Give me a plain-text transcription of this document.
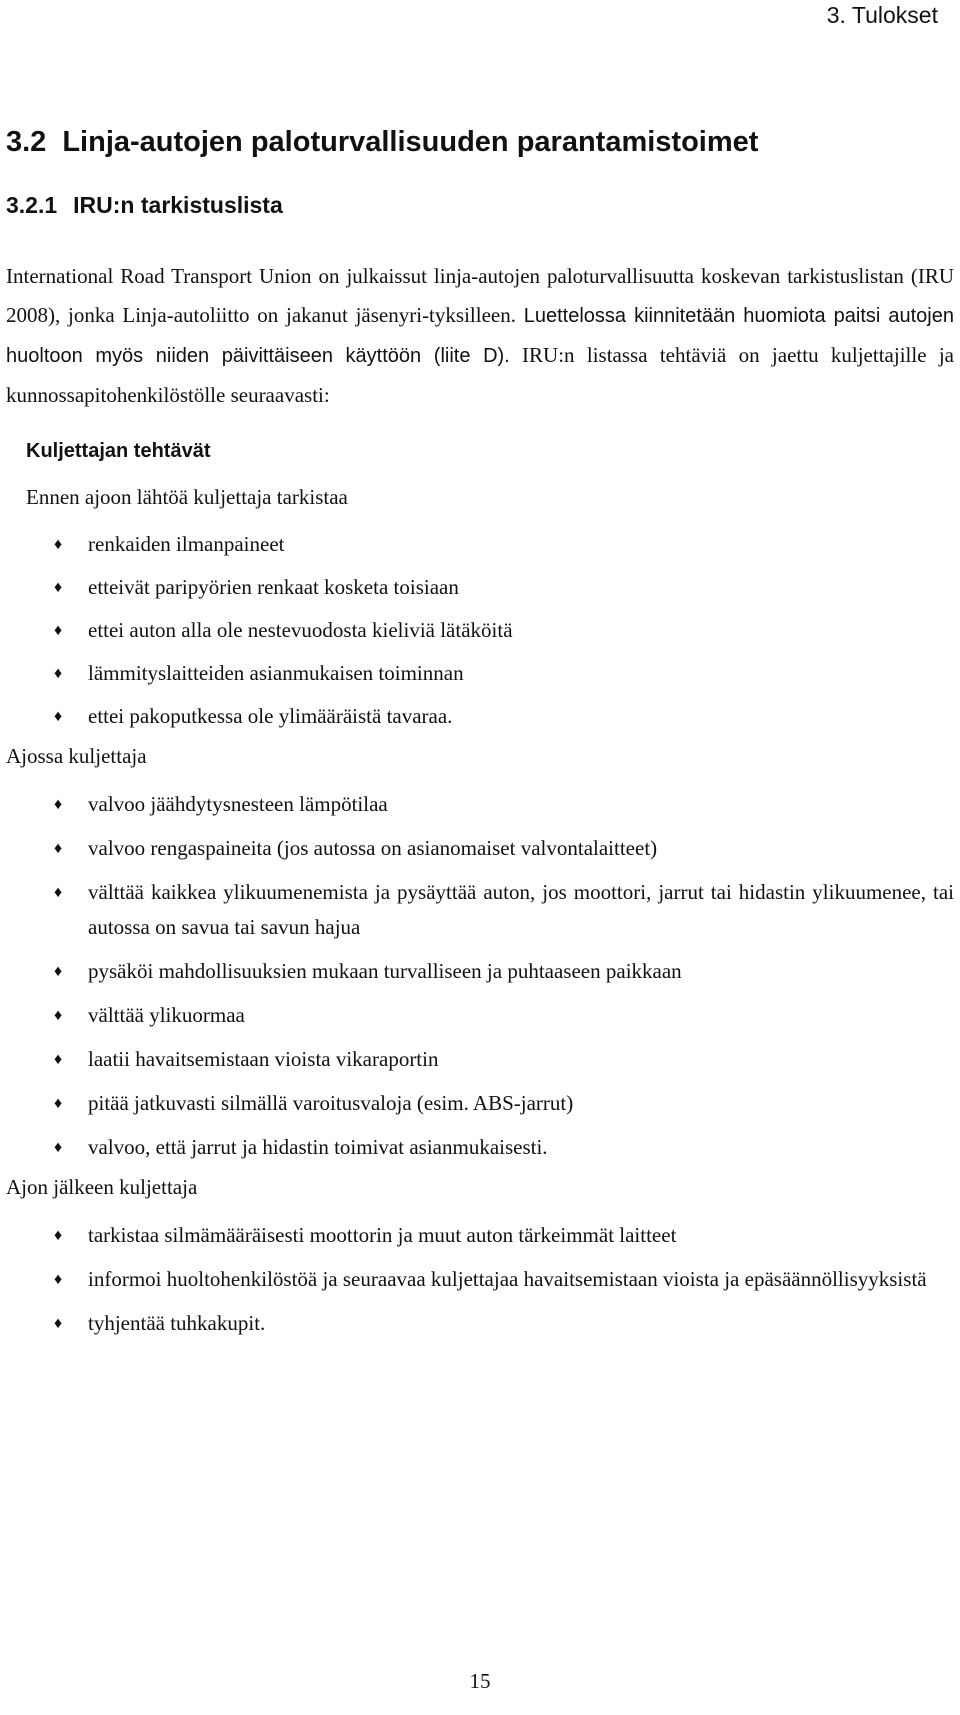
3. Tulokset
3.2 Linja-autojen paloturvallisuuden parantamistoimet
3.2.1 IRU:n tarkistuslista

International Road Transport Union on julkaissut linja-autojen paloturvallisuutta koskevan tarkistuslistan (IRU 2008), jonka Linja-autoliitto on jakanut jäsenyri-tyksilleen. Luettelossa kiinnitetään huomiota paitsi autojen huoltoon myös niiden päivittäiseen käyttöön (liite D). IRU:n listassa tehtäviä on jaettu kuljettajille ja kunnossapitohenkilöstölle seuraavasti:

Kuljettajan tehtävät

Ennen ajoon lähtöä kuljettaja tarkistaa

♦ renkaiden ilmanpaineet
♦ etteivät paripyörien renkaat kosketa toisiaan
♦ ettei auton alla ole nestevuodosta kieliviä lätäköitä
♦ lämmityslaitteiden asianmukaisen toiminnan
♦ ettei pakoputkessa ole ylimääräistä tavaraa.

Ajossa kuljettaja

♦ valvoo jäähdytysnesteen lämpötilaa
♦ valvoo rengaspaineita (jos autossa on asianomaiset valvontalaitteet)
♦ välttää kaikkea ylikuumenemista ja pysäyttää auton, jos moottori, jarrut tai hidastin ylikuumenee, tai autossa on savua tai savun hajua
♦ pysäköi mahdollisuuksien mukaan turvalliseen ja puhtaaseen paikkaan
♦ välttää ylikuormaa
♦ laatii havaitsemistaan vioista vikaraportin
♦ pitää jatkuvasti silmällä varoitusvaloja (esim. ABS-jarrut)
♦ valvoo, että jarrut ja hidastin toimivat asianmukaisesti.

Ajon jälkeen kuljettaja

♦ tarkistaa silmämääräisesti moottorin ja muut auton tärkeimmät laitteet
♦ informoi huoltohenkilöstöä ja seuraavaa kuljettajaa havaitsemistaan vioista ja epäsäännöllisyyksistä
♦ tyhjentää tuhkakupit.
15
